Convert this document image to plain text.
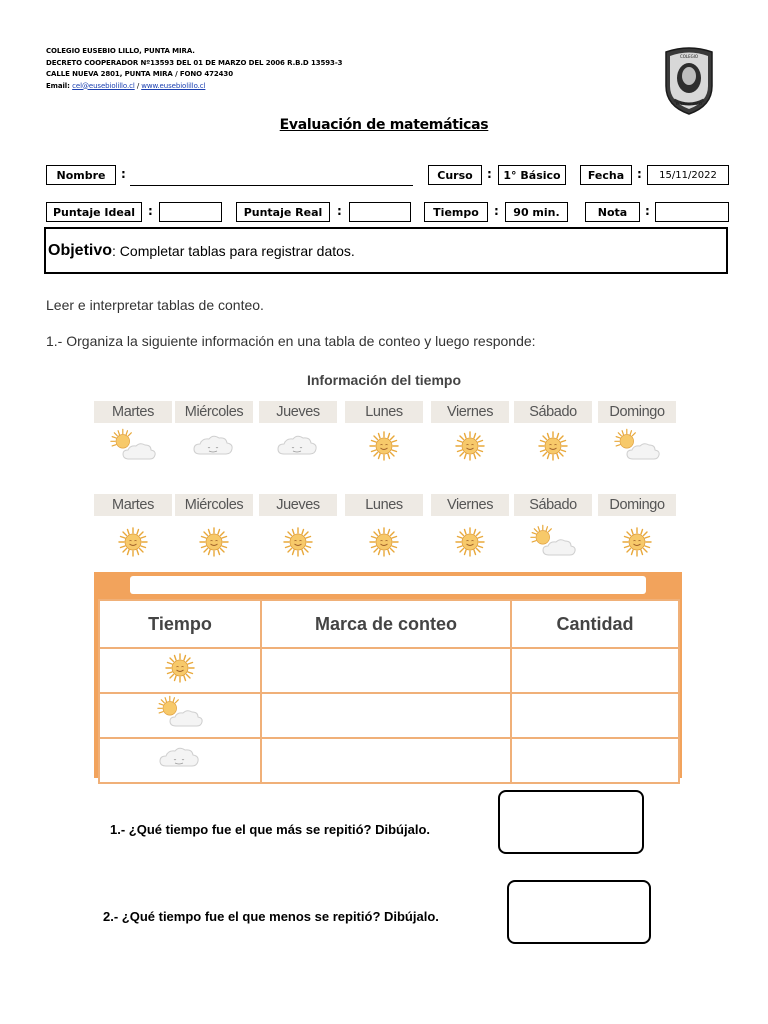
COLEGIO EUSEBIO LILLO, PUNTA MIRA.
DECRETO COOPERADOR Nº13593 DEL 01 DE MARZO DEL 2006 R.B.D 13593-3
CALLE NUEVA 2801, PUNTA MIRA / FONO 472430
Email: cel@eusebiolillo.cl / www.eusebiolillo.cl
COLEGIO
EUSEBIO LILLO
Evaluación de matemáticas
Nombre	:	Curso	:	1° Básico	Fecha	:	15/11/2022
Puntaje Ideal	:	Puntaje Real	:	Tiempo	:	90 min.	Nota	:
Objetivo : Completar tablas para registrar datos.
Leer e interpretar tablas de conteo.
1.- Organiza la siguiente información en una tabla de conteo y luego responde:
Información del tiempo
Martes	Miércoles	Jueves	Lunes	Viernes	Sábado	Domingo
Martes	Miércoles	Jueves	Lunes	Viernes	Sábado	Domingo
Tiempo	Marca de conteo	Cantidad

1.- ¿Qué tiempo fue el que más se repitió? Dibújalo.
2.- ¿Qué tiempo fue el que menos se repitió? Dibújalo.
